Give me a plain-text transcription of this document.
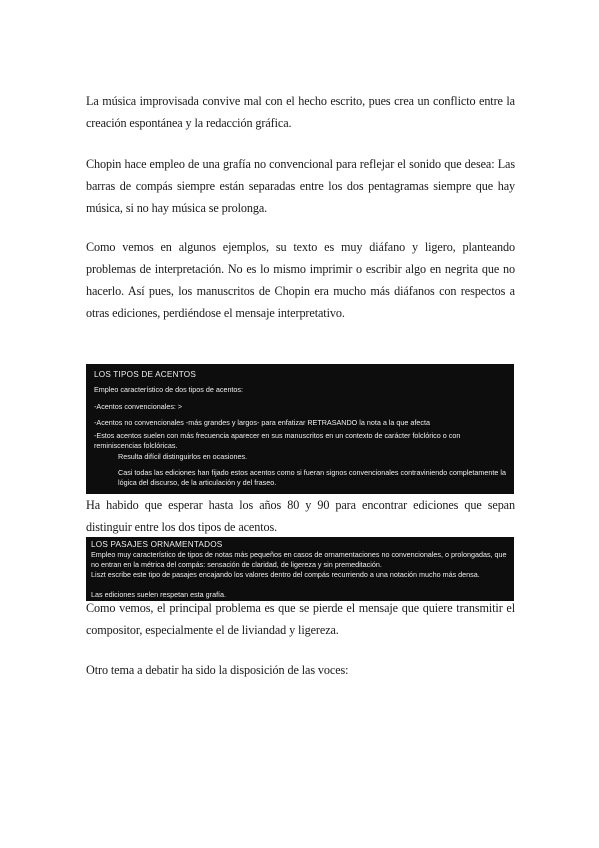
La música improvisada convive mal con el hecho escrito, pues crea un conflicto entre la creación espontánea y la redacción gráfica.

Chopin hace empleo de una grafía no convencional para reflejar el sonido que desea: Las barras de compás siempre están separadas entre los dos pentagramas siempre que hay música, si no hay música se prolonga.

Como vemos en algunos ejemplos, su texto es muy diáfano y ligero, planteando problemas de interpretación. No es lo mismo imprimir o escribir algo en negrita que no hacerlo. Así pues, los manuscritos de Chopin era mucho más diáfanos con respectos a otras ediciones, perdiéndose el mensaje interpretativo.

LOS TIPOS DE ACENTOS
Empleo característico de dos tipos de acentos:
-Acentos convencionales: >
-Acentos no convencionales -más grandes y largos- para enfatizar RETRASANDO la nota a la que afecta
-Estos acentos suelen con más frecuencia aparecer en sus manuscritos en un contexto de carácter folclórico o con reminiscencias folclóricas.
Resulta difícil distinguirlos en ocasiones.
Casi todas las ediciones han fijado estos acentos como si fueran signos convencionales contraviniendo completamente la lógica del discurso, de la articulación y del fraseo.

Ha habido que esperar hasta los años 80 y 90 para encontrar ediciones que sepan distinguir entre los dos tipos de acentos.

LOS PASAJES ORNAMENTADOS
Empleo muy característico de tipos de notas más pequeños en casos de ornamentaciones no convencionales, o prolongadas, que no entran en la métrica del compás: sensación de claridad, de ligereza y sin premeditación.
Liszt escribe este tipo de pasajes encajando los valores dentro del compás recurriendo a una notación mucho más densa.
Las ediciones suelen respetan esta grafía.

Como vemos, el principal problema es que se pierde el mensaje que quiere transmitir el compositor, especialmente el de liviandad y ligereza.

Otro tema a debatir ha sido la disposición de las voces:
